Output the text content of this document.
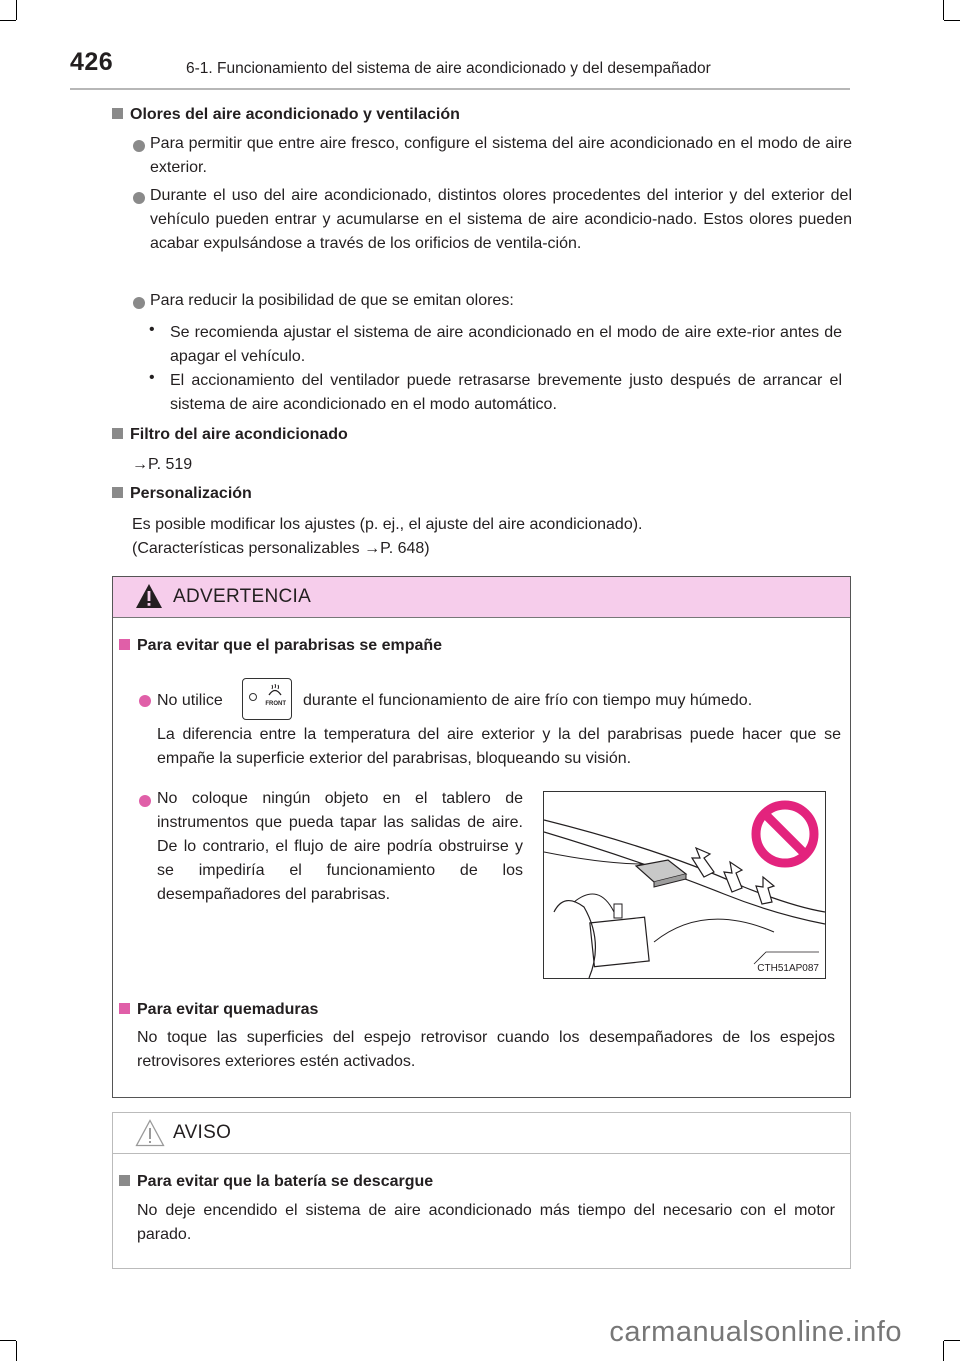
426	6-1. Funcionamiento del sistema de aire acondicionado y del desempañador
Olores del aire acondicionado y ventilación
Para permitir que entre aire fresco, configure el sistema del aire acondicionado en el modo de aire exterior.
Durante el uso del aire acondicionado, distintos olores procedentes del interior y del exterior del vehículo pueden entrar y acumularse en el sistema de aire acondicio-nado. Estos olores pueden acabar expulsándose a través de los orificios de ventila-ción.
Para reducir la posibilidad de que se emitan olores:
• Se recomienda ajustar el sistema de aire acondicionado en el modo de aire exte-rior antes de apagar el vehículo.
• El accionamiento del ventilador puede retrasarse brevemente justo después de arrancar el sistema de aire acondicionado en el modo automático.
Filtro del aire acondicionado
→P. 519
Personalización
Es posible modificar los ajustes (p. ej., el ajuste del aire acondicionado).
(Características personalizables →P. 648)
ADVERTENCIA
Para evitar que el parabrisas se empañe
No utilice	FRONT durante el funcionamiento de aire frío con tiempo muy húmedo.
La diferencia entre la temperatura del aire exterior y la del parabrisas puede hacer que se empañe la superficie exterior del parabrisas, bloqueando su visión.
No coloque ningún objeto en el tablero de instrumentos que pueda tapar las salidas de aire. De lo contrario, el flujo de aire podría obstruirse y se impediría el funcionamiento de los desempañadores del parabrisas.
CTH51AP087
Para evitar quemaduras
No toque las superficies del espejo retrovisor cuando los desempañadores de los espejos retrovisores exteriores estén activados.
AVISO
Para evitar que la batería se descargue
No deje encendido el sistema de aire acondicionado más tiempo del necesario con el motor parado.
carmanualsonline.info
